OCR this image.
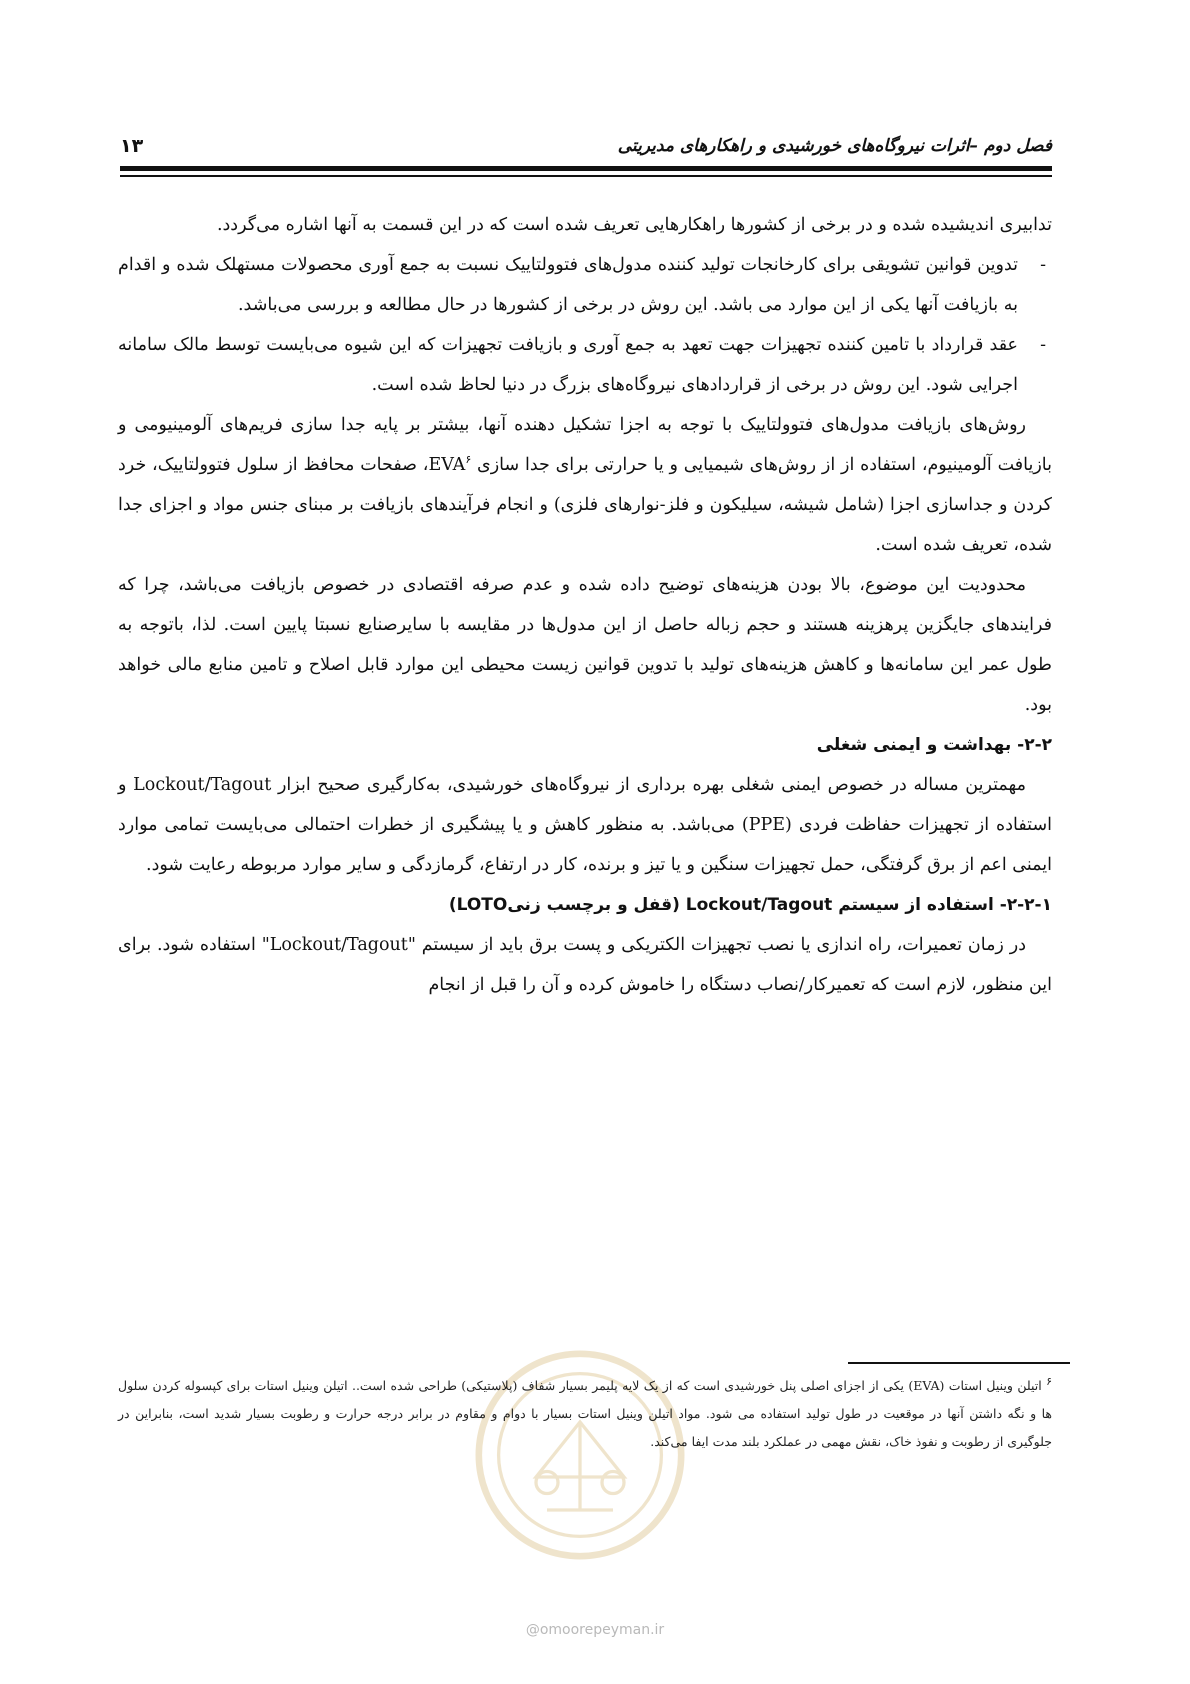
فصل دوم –اثرات نیروگاه‌های خورشیدی و راهکارهای مدیریتی
۱۳

تدابیری اندیشیده شده و در برخی از کشورها راهکارهایی تعریف شده است که در این قسمت به آنها اشاره می‌گردد.

-
تدوین قوانین تشویقی برای کارخانجات تولید کننده مدول‌های فتوولتاییک نسبت به جمع آوری محصولات مستهلک شده و اقدام به بازیافت آنها یکی از این موارد می باشد. این روش در برخی از کشورها در حال مطالعه و بررسی می‌باشد.

-
عقد قرارداد با تامین کننده تجهیزات جهت تعهد به جمع آوری و بازیافت تجهیزات که این شیوه می‌بایست توسط مالک سامانه اجرایی شود. این روش در برخی از قراردادهای نیروگاه‌های بزرگ در دنیا لحاظ شده است.

روش‌های بازیافت مدول‌های فتوولتاییک با توجه به اجزا تشکیل دهنده آنها، بیشتر بر پایه جدا سازی فریم‌های آلومینیومی و بازیافت آلومینیوم، استفاده از از روش‌های شیمیایی و یا حرارتی برای جدا سازی EVA$^۶$، صفحات محافظ از سلول فتوولتاییک، خرد کردن و جداسازی اجزا (شامل شیشه، سیلیکون و فلز-نوارهای فلزی) و انجام فرآیندهای بازیافت بر مبنای جنس مواد و اجزای جدا شده، تعریف شده است.

محدودیت این موضوع، بالا بودن هزینه‌های توضیح داده شده و عدم صرفه اقتصادی در خصوص بازیافت می‌باشد، چرا که فرایندهای جایگزین پرهزینه هستند و حجم زباله حاصل از این مدول‌ها در مقایسه با سایرصنایع نسبتا پایین است. لذا، باتوجه به طول عمر این سامانه‌ها و کاهش هزینه‌های تولید با تدوین قوانین زیست محیطی این موارد قابل اصلاح و تامین منابع مالی خواهد بود.

۲-۲- بهداشت و ایمنی شغلی

مهمترین مساله در خصوص ایمنی شغلی بهره برداری از نیروگاه‌های خورشیدی، به‌کارگیری صحیح ابزار Lockout/Tagout و استفاده از تجهیزات حفاظت فردی (PPE) می‌باشد. به منظور کاهش و یا پیشگیری از خطرات احتمالی می‌بایست تمامی موارد ایمنی اعم از برق گرفتگی، حمل تجهیزات سنگین و یا تیز و برنده، کار در ارتفاع، گرمازدگی و سایر موارد مربوطه رعایت شود.

۲-۲-۱- استفاده از سیستم Lockout/Tagout (قفل و برچسب زنیLOTO)

در زمان تعمیرات، راه اندازی یا نصب تجهیزات الکتریکی و پست برق باید از سیستم "Lockout/Tagout" استفاده شود. برای این منظور، لازم است که تعمیرکار/نصاب دستگاه را خاموش کرده و آن را قبل از انجام

$^۶$ اتیلن وینیل استات (EVA) یکی از اجزای اصلی پنل خورشیدی است که از یک لایه پلیمر بسیار شفاف (پلاستیکی) طراحی شده است.. اتیلن وینیل استات برای کپسوله کردن سلول ها و نگه داشتن آنها در موقعیت در طول تولید استفاده می شود. مواد اتیلن وینیل استات بسیار با دوام و مقاوم در برابر درجه حرارت و رطوبت بسیار شدید است، بنابراین در جلوگیری از رطوبت و نفوذ خاک، نقش مهمی در عملکرد بلند مدت ایفا می‌کند.
@omoorepeyman.ir
